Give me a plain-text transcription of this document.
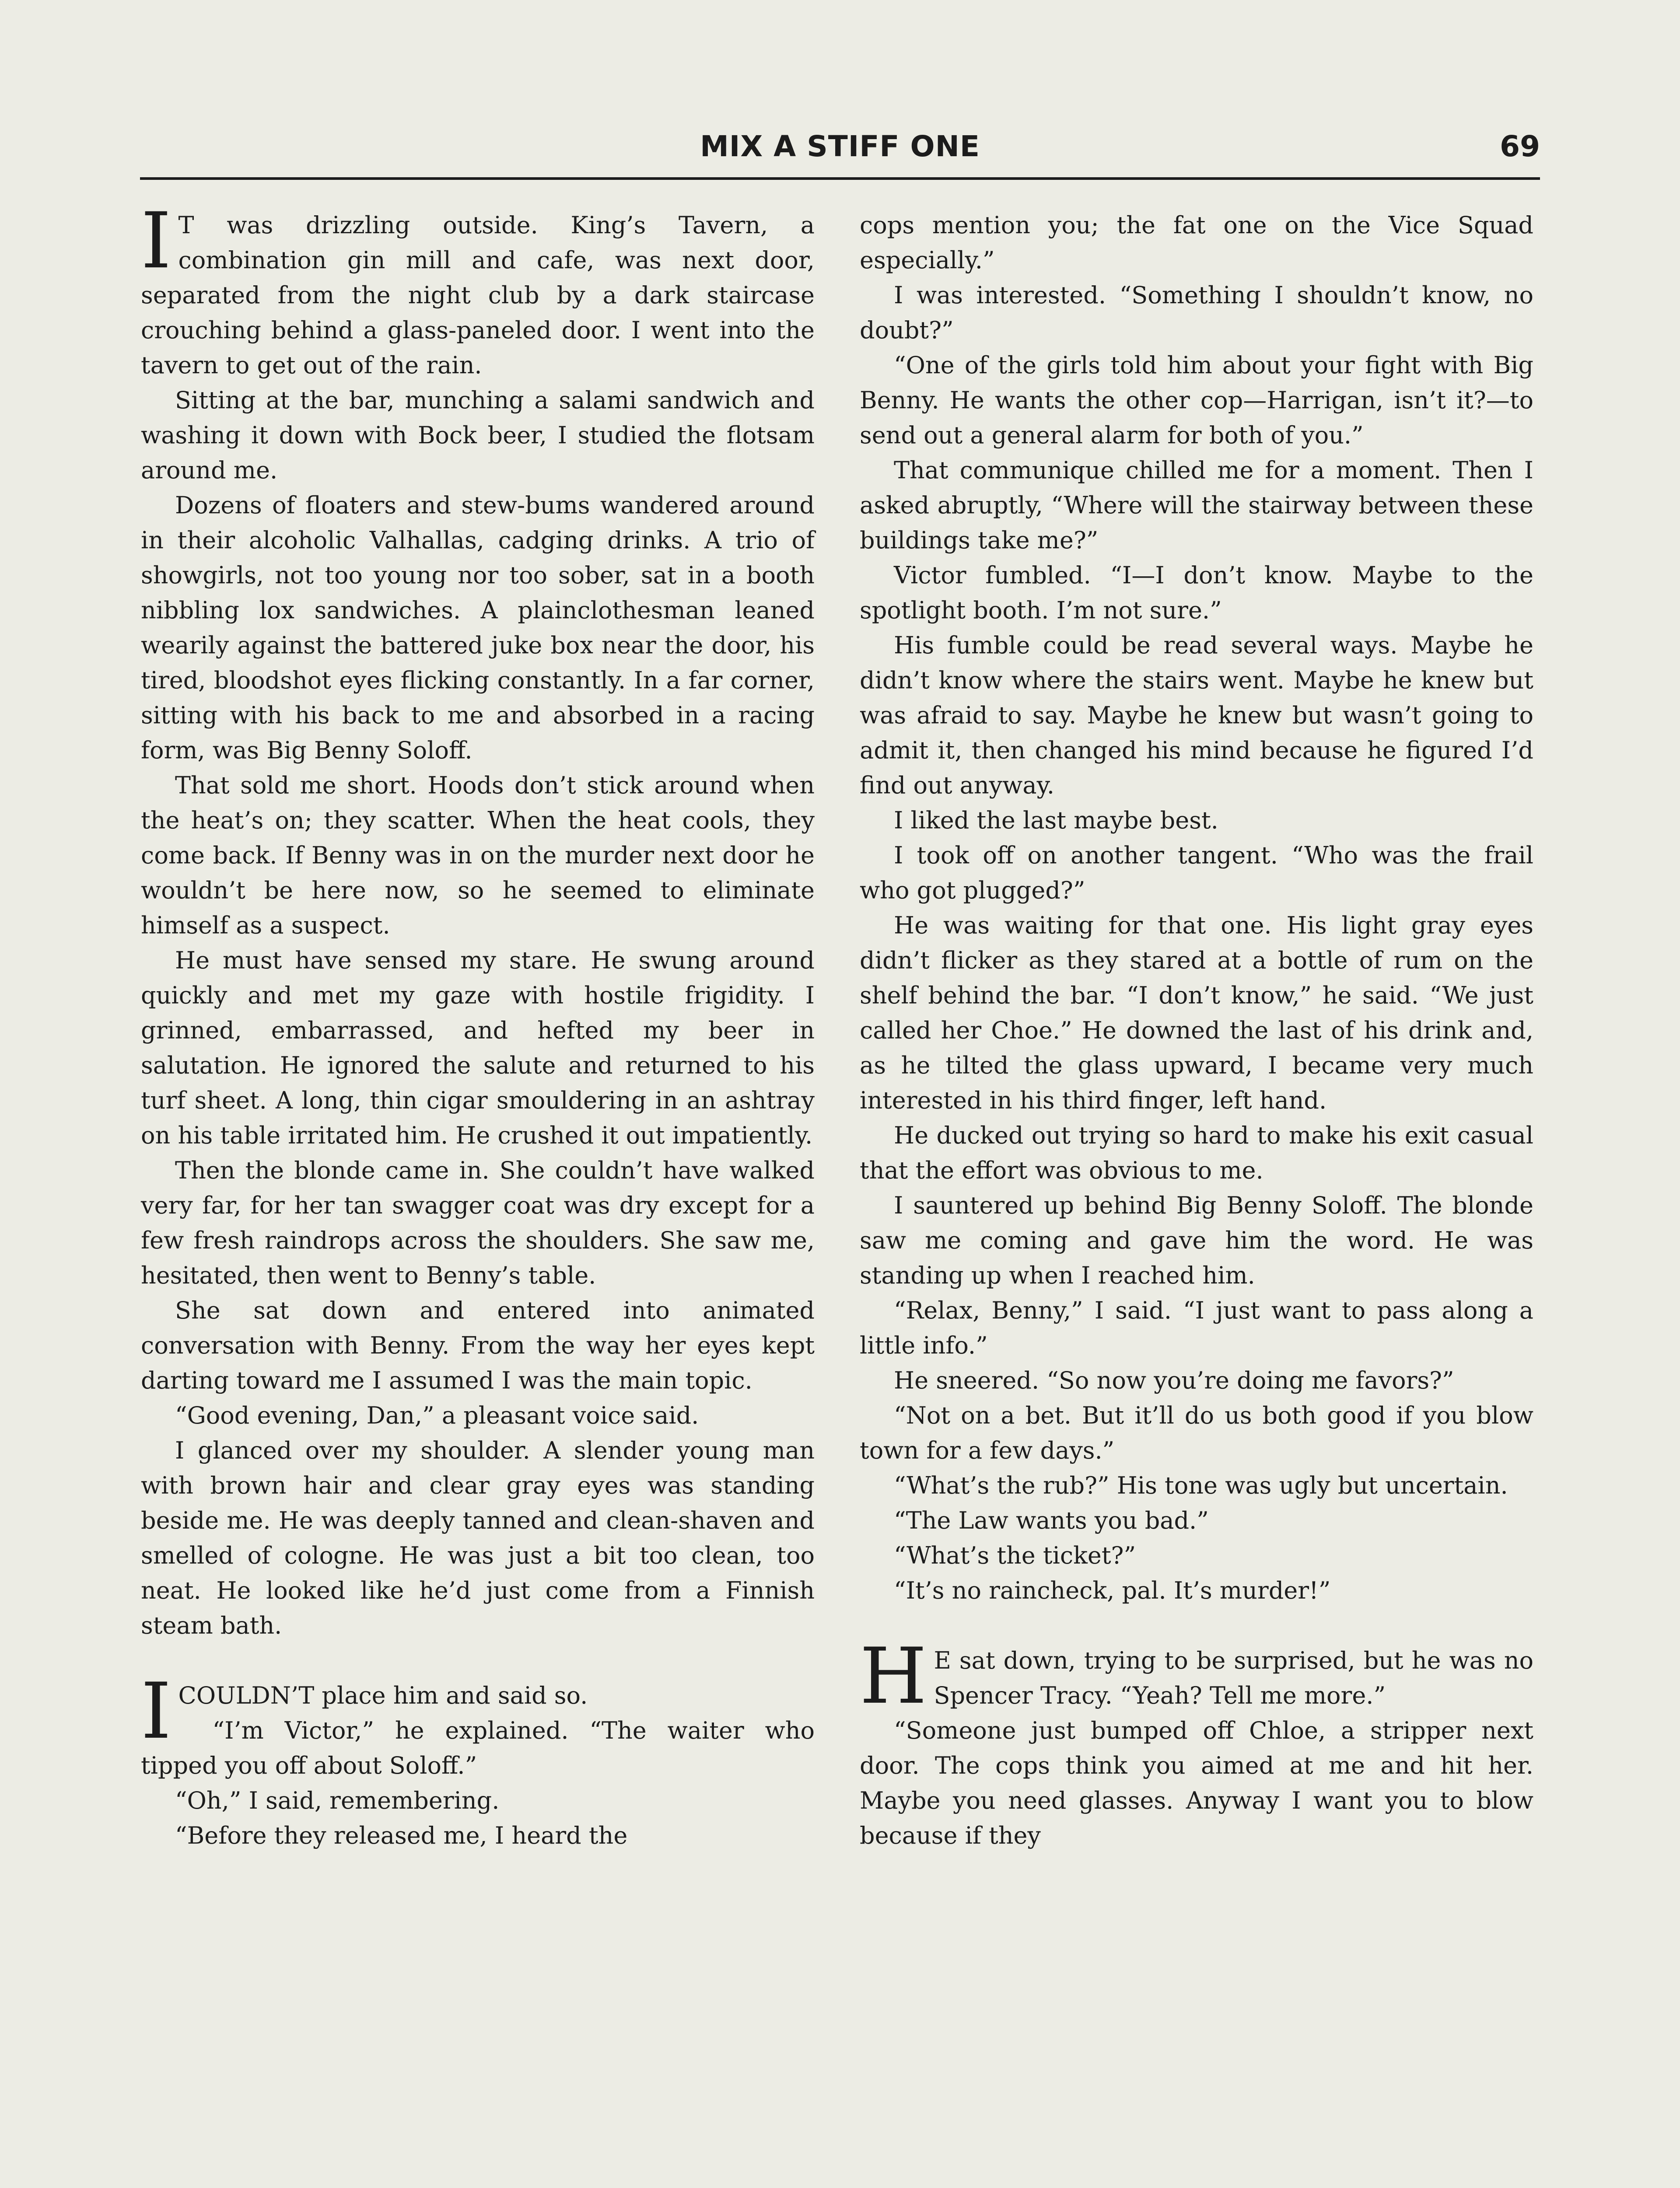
MIX A STIFF ONE	69

I T was drizzling outside. King’s Tavern, a combination gin mill and cafe, was next door, separated from the night club by a dark staircase crouching behind a glass-paneled door. I went into the tavern to get out of the rain.

Sitting at the bar, munching a salami sandwich and washing it down with Bock beer, I studied the flotsam around me.

Dozens of floaters and stew-bums wandered around in their alcoholic Valhallas, cadging drinks. A trio of showgirls, not too young nor too sober, sat in a booth nibbling lox sandwiches. A plainclothesman leaned wearily against the battered juke box near the door, his tired, bloodshot eyes flicking constantly. In a far corner, sitting with his back to me and absorbed in a racing form, was Big Benny Soloff.

That sold me short. Hoods don’t stick around when the heat’s on; they scatter. When the heat cools, they come back. If Benny was in on the murder next door he wouldn’t be here now, so he seemed to eliminate himself as a suspect.

He must have sensed my stare. He swung around quickly and met my gaze with hostile frigidity. I grinned, embarrassed, and hefted my beer in salutation. He ignored the salute and returned to his turf sheet. A long, thin cigar smouldering in an ashtray on his table irritated him. He crushed it out impatiently.

Then the blonde came in. She couldn’t have walked very far, for her tan swagger coat was dry except for a few fresh raindrops across the shoulders. She saw me, hesitated, then went to Benny’s table.

She sat down and entered into animated conversation with Benny. From the way her eyes kept darting toward me I assumed I was the main topic.

“Good evening, Dan,” a pleasant voice said.

I glanced over my shoulder. A slender young man with brown hair and clear gray eyes was standing beside me. He was deeply tanned and clean-shaven and smelled of cologne. He was just a bit too clean, too neat. He looked like he’d just come from a Finnish steam bath.

ICOULDN’T place him and said so.

“I’m Victor,” he explained. “The waiter who tipped you off about Soloff.”

“Oh,” I said, remembering.

“Before they released me, I heard the

cops mention you; the fat one on the Vice Squad especially.”

I was interested. “Something I shouldn’t know, no doubt?”

“One of the girls told him about your fight with Big Benny. He wants the other cop—Harrigan, isn’t it?—to send out a general alarm for both of you.”

That communique chilled me for a moment. Then I asked abruptly, “Where will the stairway between these buildings take me?”

Victor fumbled. “I—I don’t know. Maybe to the spotlight booth. I’m not sure.”

His fumble could be read several ways. Maybe he didn’t know where the stairs went. Maybe he knew but was afraid to say. Maybe he knew but wasn’t going to admit it, then changed his mind because he figured I’d find out anyway.

I liked the last maybe best.

I took off on another tangent. “Who was the frail who got plugged?”

He was waiting for that one. His light gray eyes didn’t flicker as they stared at a bottle of rum on the shelf behind the bar. “I don’t know,” he said. “We just called her Choe.” He downed the last of his drink and, as he tilted the glass upward, I became very much interested in his third finger, left hand.

He ducked out trying so hard to make his exit casual that the effort was obvious to me.

I sauntered up behind Big Benny Soloff. The blonde saw me coming and gave him the word. He was standing up when I reached him.

“Relax, Benny,” I said. “I just want to pass along a little info.”

He sneered. “So now you’re doing me favors?”

“Not on a bet. But it’ll do us both good if you blow town for a few days.”

“What’s the rub?” His tone was ugly but uncertain.

“The Law wants you bad.”

“What’s the ticket?”

“It’s no raincheck, pal. It’s murder!”

H E sat down, trying to be surprised, but he was no Spencer Tracy. “Yeah? Tell me more.”

“Someone just bumped off Chloe, a stripper next door. The cops think you aimed at me and hit her. Maybe you need glasses. Anyway I want you to blow because if they
